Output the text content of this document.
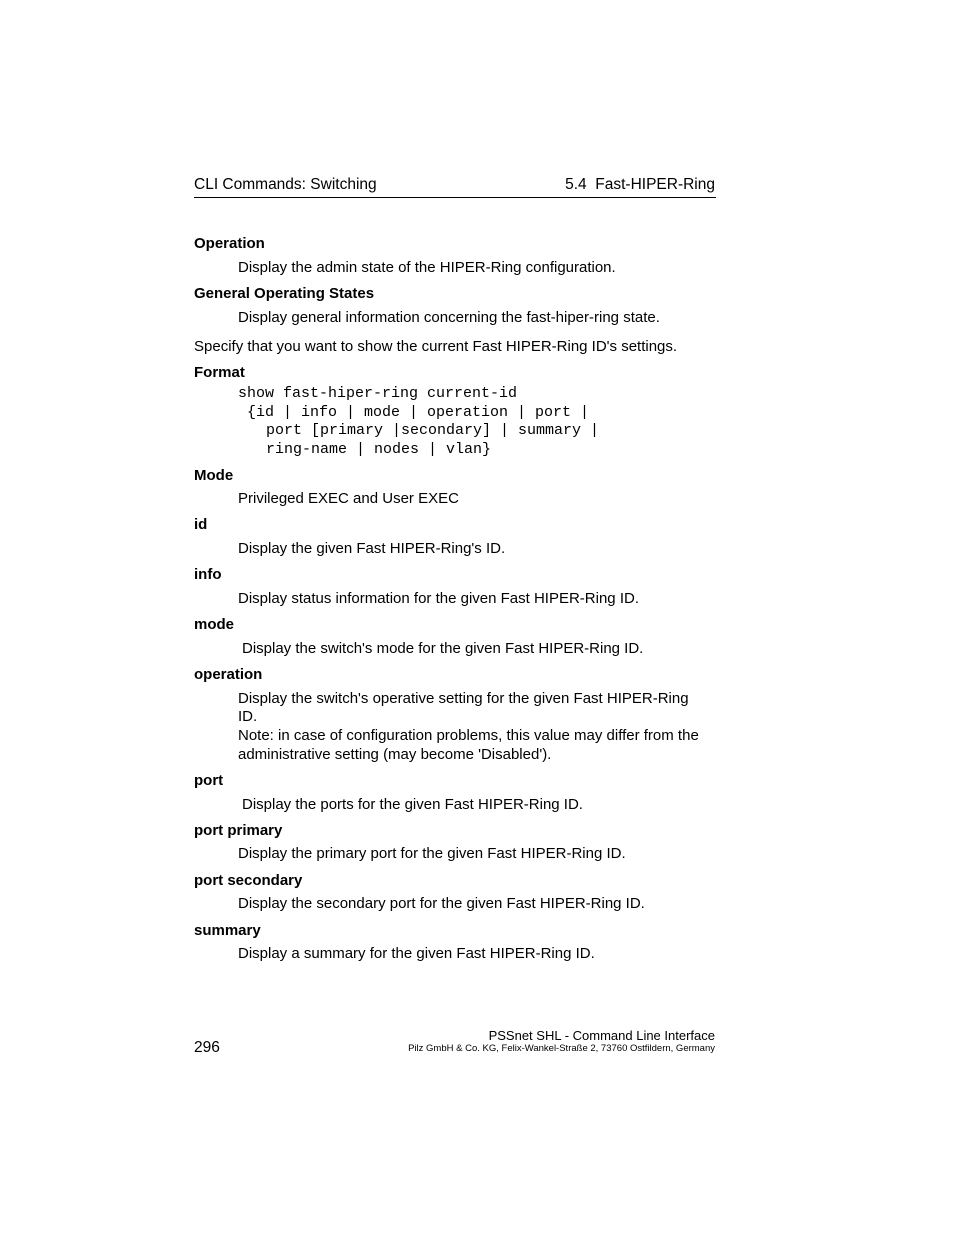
CLI Commands: Switching	5.4  Fast-HIPER-Ring
Operation
Display the admin state of the HIPER-Ring configuration.
General Operating States
Display general information concerning the fast-hiper-ring state.
Specify that you want to show the current Fast HIPER-Ring ID's settings.
Format
show fast-hiper-ring current-id
{id | info | mode | operation | port |
port [primary |secondary] | summary |
ring-name | nodes | vlan}
Mode
Privileged EXEC and User EXEC
id
Display the given Fast HIPER-Ring's ID.
info
Display status information for the given Fast HIPER-Ring ID.
mode
Display the switch's mode for the given Fast HIPER-Ring ID.
operation
Display the switch's operative setting for the given Fast HIPER-Ring
ID.
Note: in case of configuration problems, this value may differ from the
administrative setting (may become 'Disabled').
port
Display the ports for the given Fast HIPER-Ring ID.
port primary
Display the primary port for the given Fast HIPER-Ring ID.
port secondary
Display the secondary port for the given Fast HIPER-Ring ID.
summary
Display a summary for the given Fast HIPER-Ring ID.
PSSnet SHL - Command Line Interface
Pilz GmbH & Co. KG, Felix-Wankel-Straße 2, 73760 Ostfildern, Germany
296
